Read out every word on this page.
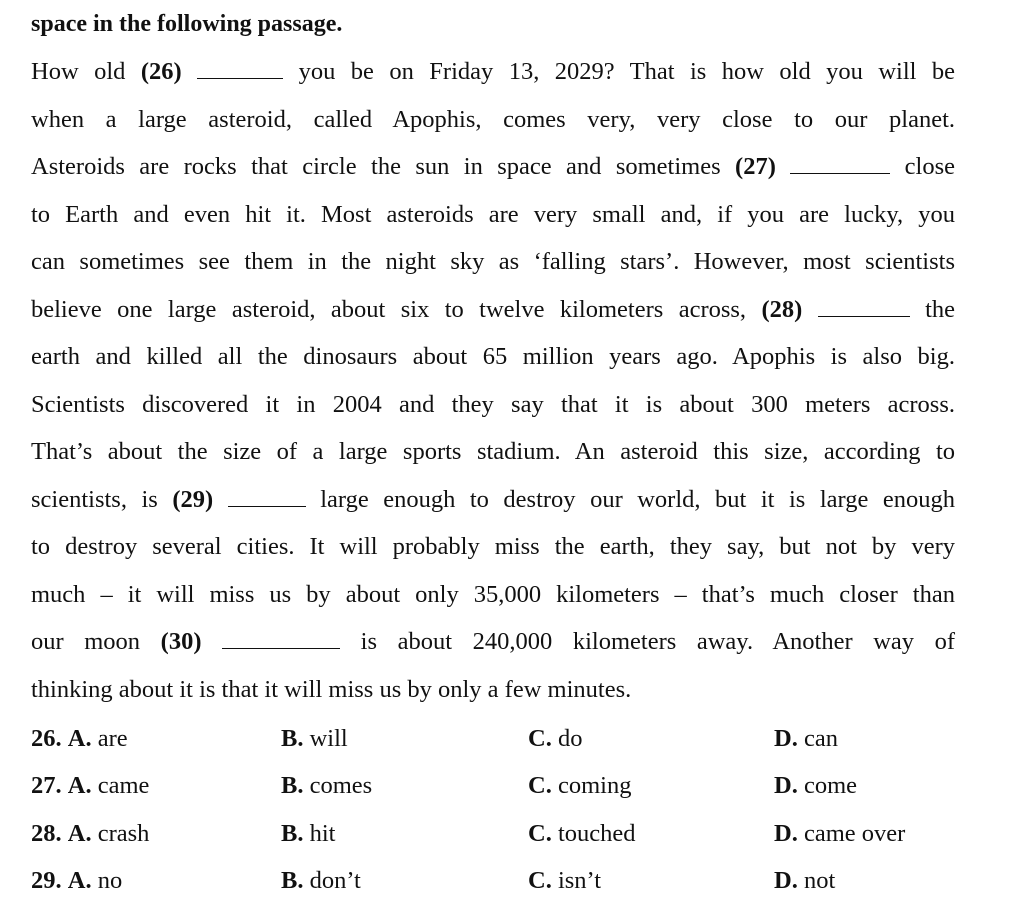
space in the following passage.
How old (26)	you be on Friday 13, 2029? That is how old you will be
when a large asteroid, called Apophis, comes very, very close to our planet.
Asteroids are rocks that circle the sun in space and sometimes (27)	close
to Earth and even hit it. Most asteroids are very small and, if you are lucky, you
can sometimes see them in the night sky as ‘falling stars’. However, most scientists
believe one large asteroid, about six to twelve kilometers across, (28)	the
earth and killed all the dinosaurs about 65 million years ago. Apophis is also big.
Scientists discovered it in 2004 and they say that it is about 300 meters across.
That’s about the size of a large sports stadium. An asteroid this size, according to
scientists, is (29)	large enough to destroy our world, but it is large enough
to destroy several cities. It will probably miss the earth, they say, but not by very
much – it will miss us by about only 35,000 kilometers – that’s much closer than
our moon (30)	is about 240,000 kilometers away. Another way of
thinking about it is that it will miss us by only a few minutes.
26. A. are	B. will	C. do	D. can
27. A. came	B. comes	C. coming	D. come
28. A. crash	B. hit	C. touched	D. came over
29. A. no	B. don’t	C. isn’t	D. not
